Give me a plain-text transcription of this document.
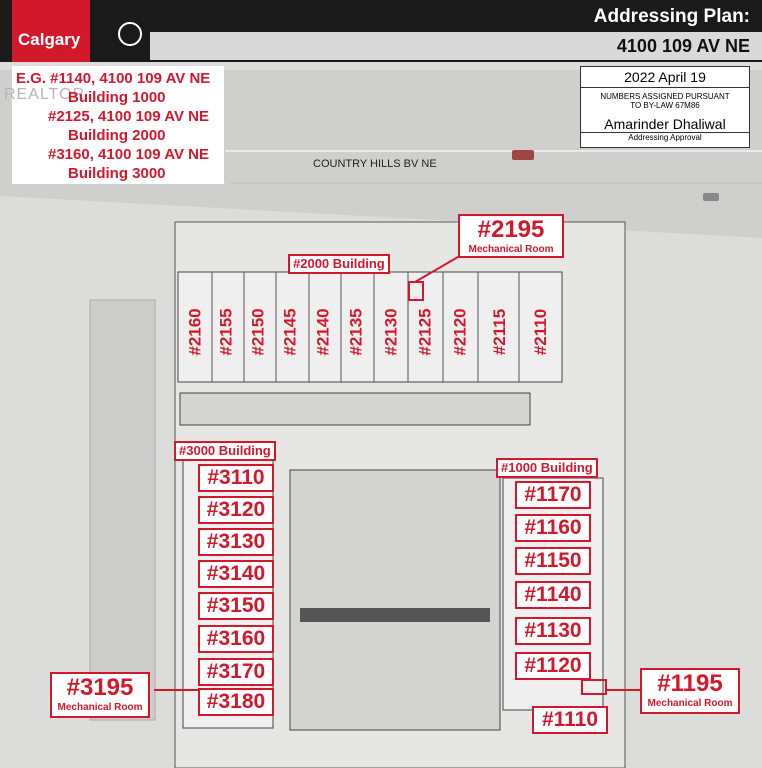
Calgary
Addressing Plan:
4100 109 AV NE
REALTOR
E.G. #1140, 4100 109 AV NE
Building 1000
#2125, 4100 109 AV NE
Building 2000
#3160, 4100 109 AV NE
Building 3000
2022 April 19
NUMBERS ASSIGNED PURSUANT
TO BY-LAW 67M86
Amarinder Dhaliwal
Addressing Approval
COUNTRY HILLS BV NE
#2000 Building
#3000 Building
#1000 Building
#2195
Mechanical Room
#3195
Mechanical Room
#1195
Mechanical Room
#2160 #2155 #2150 #2145 #2140 #2135 #2130 #2125 #2120 #2115 #2110
#3110
#3120
#3130
#3140
#3150
#3160
#3170
#3180
#1170
#1160
#1150
#1140
#1130
#1120
#1110
